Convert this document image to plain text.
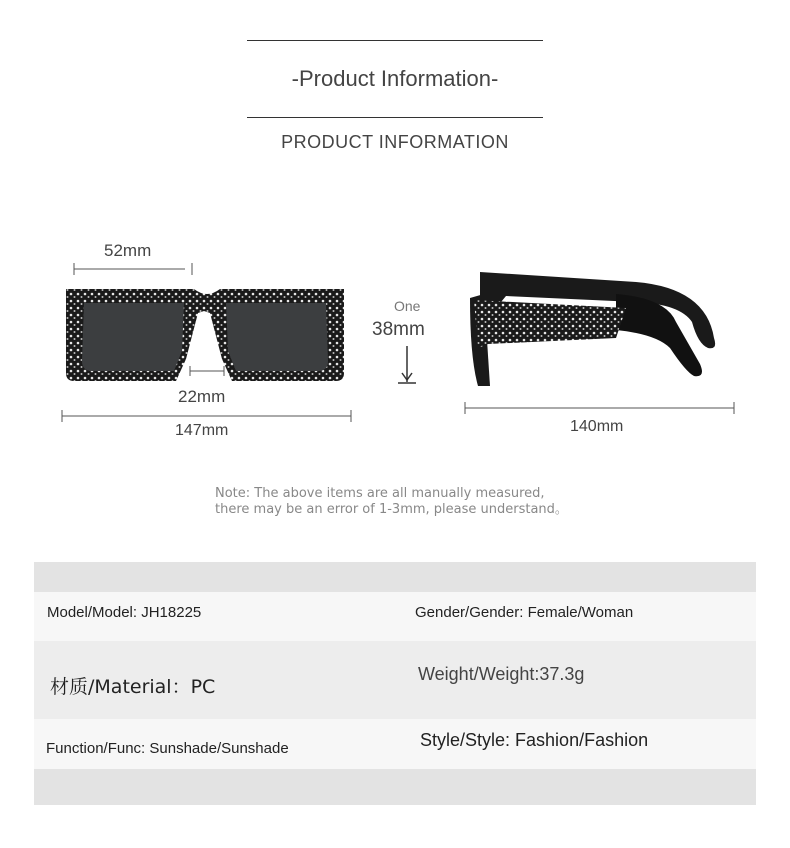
-Product Information-
PRODUCT INFORMATION
52mm
22mm
147mm
One
38mm
140mm
Note: The above items are all manually measured,
there may be an error of 1-3mm, please understand。
Model/Model: JH18225	Gender/Gender: Female/Woman
材质/Material：PC
Weight/Weight:37.3g
Function/Func: Sunshade/Sunshade	Style/Style: Fashion/Fashion
